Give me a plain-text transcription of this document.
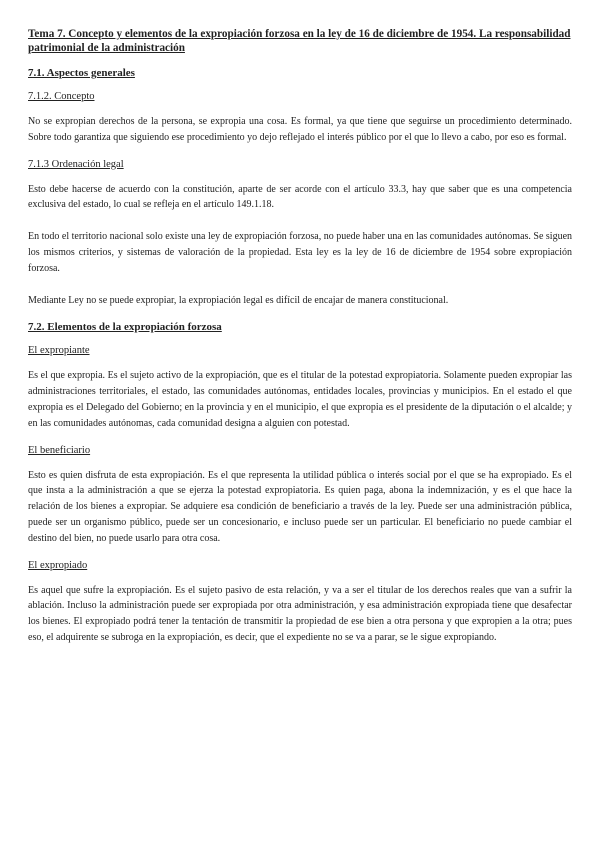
Tema 7. Concepto y elementos de la expropiación forzosa en la ley de 16 de diciembre de 1954. La responsabilidad patrimonial de la administración
7.1. Aspectos generales
7.1.2. Concepto

No se expropian derechos de la persona, se expropia una cosa. Es formal, ya que tiene que seguirse un procedimiento determinado. Sobre todo garantiza que siguiendo ese procedimiento yo dejo reflejado el interés público por el que lo llevo a cabo, por eso es formal.

7.1.3 Ordenación legal

Esto debe hacerse de acuerdo con la constitución, aparte de ser acorde con el artículo 33.3, hay que saber que es una competencia exclusiva del estado, lo cual se refleja en el artículo 149.1.18.

En todo el territorio nacional solo existe una ley de expropiación forzosa, no puede haber una en las comunidades autónomas. Se siguen los mismos criterios, y sistemas de valoración de la propiedad. Esta ley es la ley de 16 de diciembre de 1954 sobre expropiación forzosa.

Mediante Ley no se puede expropiar, la expropiación legal es difícil de encajar de manera constitucional.

7.2. Elementos de la expropiación forzosa
El expropiante

Es el que expropia. Es el sujeto activo de la expropiación, que es el titular de la potestad expropiatoria. Solamente pueden expropiar las administraciones territoriales, el estado, las comunidades autónomas, entidades locales, provincias y municipios. En el estado el que expropia es el Delegado del Gobierno; en la provincia y en el municipio, el que expropia es el presidente de la diputación o el alcalde; y en las comunidades autónomas, cada comunidad designa a alguien con potestad.

El beneficiario

Esto es quien disfruta de esta expropiación. Es el que representa la utilidad pública o interés social por el que se ha expropiado. Es el que insta a la administración a que se ejerza la potestad expropiatoria. Es quien paga, abona la indemnización, y es el que hace la relación de los bienes a expropiar. Se adquiere esa condición de beneficiario a través de la ley. Puede ser una administración pública, puede ser un organismo público, puede ser un concesionario, e incluso puede ser un particular. El beneficiario no puede cambiar el destino del bien, no puede usarlo para otra cosa.

El expropiado

Es aquel que sufre la expropiación. Es el sujeto pasivo de esta relación, y va a ser el titular de los derechos reales que van a sufrir la ablación. Incluso la administración puede ser expropiada por otra administración, y esa administración expropiada tiene que desafectar los bienes. El expropiado podrá tener la tentación de transmitir la propiedad de ese bien a otra persona y que expropien a la otra; pues eso, el adquirente se subroga en la expropiación, es decir, que el expediente no se va a parar, se le sigue expropiando.
